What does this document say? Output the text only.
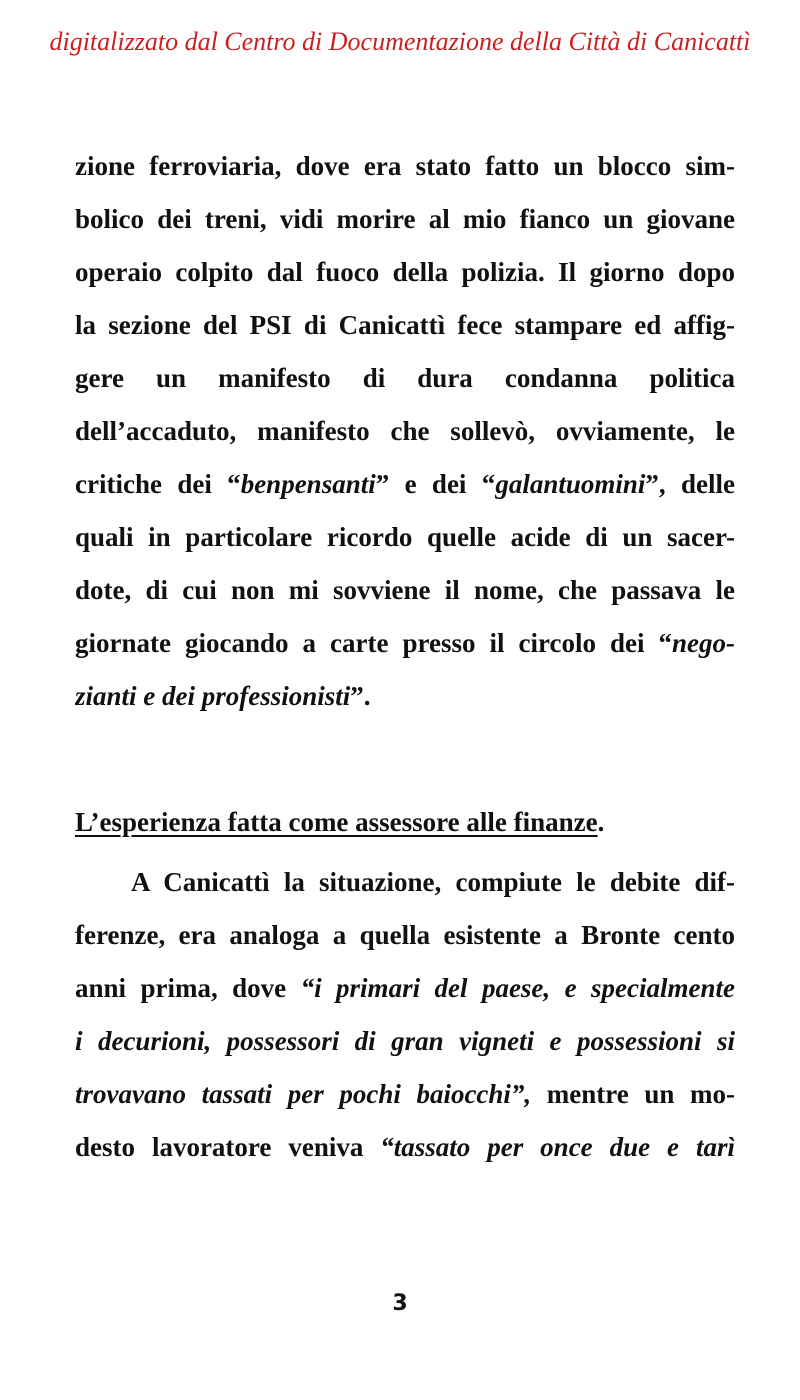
digitalizzato dal Centro di Documentazione della Città di Canicattì
zione ferroviaria, dove era stato fatto un blocco sim-
bolico dei treni, vidi morire al mio fianco un giovane
operaio colpito dal fuoco della polizia. Il giorno dopo
la sezione del PSI di Canicattì fece stampare ed affig-
gere un manifesto di dura condanna politica
dell’accaduto, manifesto che sollevò, ovviamente, le
critiche dei “benpensanti” e dei “galantuomini”, delle
quali in particolare ricordo quelle acide di un sacer-
dote, di cui non mi sovviene il nome, che passava le
giornate giocando a carte presso il circolo dei “nego-
zianti e dei professionisti”.
L’esperienza fatta come assessore alle finanze.
A Canicattì la situazione, compiute le debite dif-
ferenze, era analoga a quella esistente a Bronte cento
anni prima, dove “i primari del paese, e specialmente
i decurioni, possessori di gran vigneti e possessioni si
trovavano tassati per pochi baiocchi”, mentre un mo-
desto lavoratore veniva “tassato per once due e tarì
3
